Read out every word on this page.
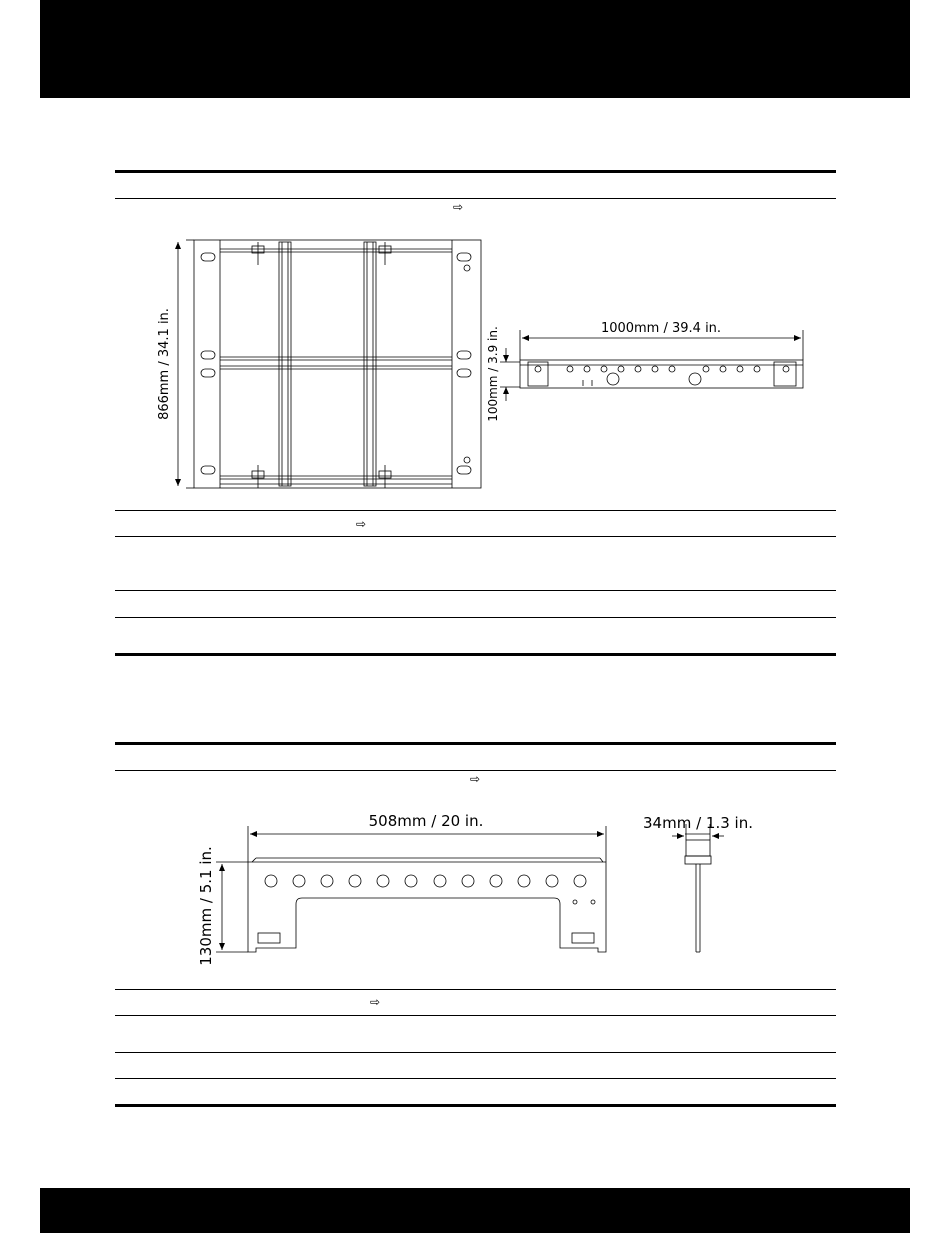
⇨
⇨
⇨
⇨
866mm / 34.1 in.	1000mm / 39.4 in.
100mm / 3.9 in.
508mm / 20 in.
130mm / 5.1 in.
34mm / 1.3 in.
